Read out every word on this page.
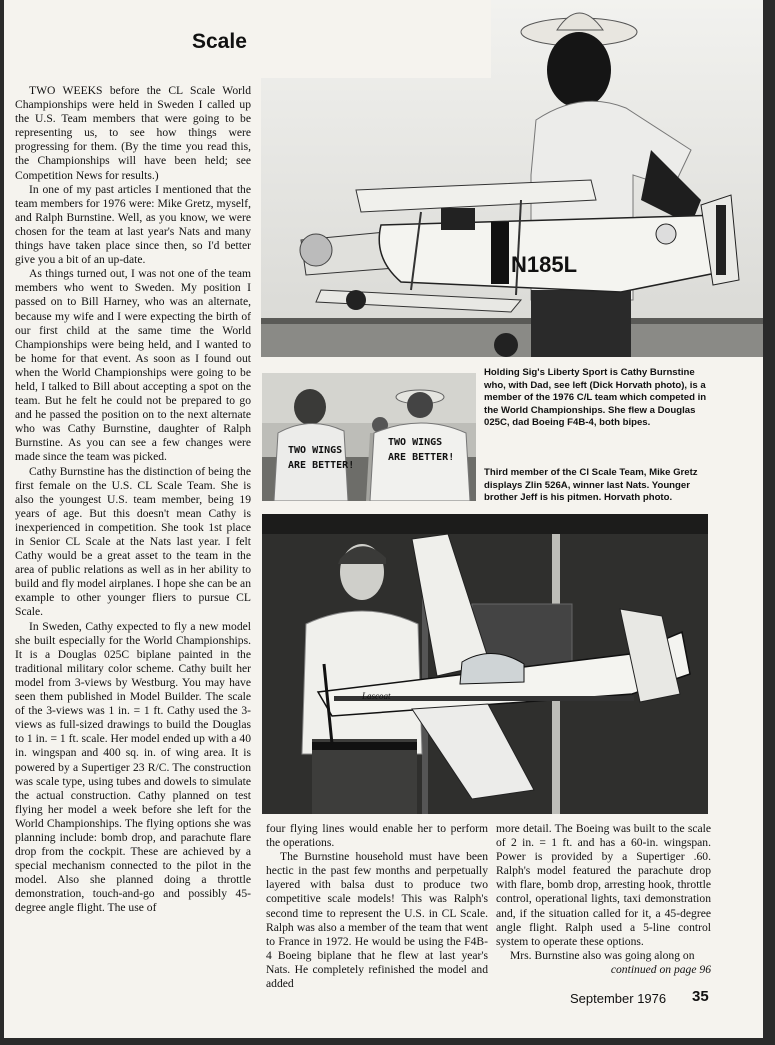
Scale
N185L
TWO WINGS
ARE BETTER!
TWO WINGS
ARE BETTER!
Lascoat
Holding Sig's Liberty Sport is Cathy Burnstine who, with Dad, see left (Dick Horvath photo), is a member of the 1976 C/L team which competed in the World Championships. She flew a Douglas 025C, dad Boeing F4B-4, both bipes.
Third member of the Cl Scale Team, Mike Gretz displays Zlin 526A, winner last Nats. Younger brother Jeff is his pitmen. Horvath photo.

TWO WEEKS before the CL Scale World Championships were held in Sweden I called up the U.S. Team members that were going to be representing us, to see how things were progressing for them. (By the time you read this, the Championships will have been held; see Competition News for results.)

In one of my past articles I mentioned that the team members for 1976 were: Mike Gretz, myself, and Ralph Burnstine. Well, as you know, we were chosen for the team at last year's Nats and many things have taken place since then, so I'd better give you a bit of an up-date.

As things turned out, I was not one of the team members who went to Sweden. My position I passed on to Bill Harney, who was an alternate, because my wife and I were expecting the birth of our first child at the same time the World Championships were being held, and I wanted to be home for that event. As soon as I found out when the World Championships were going to be held, I talked to Bill about accepting a spot on the team. But he felt he could not be prepared to go and he passed the position on to the next alternate who was Cathy Burnstine, daughter of Ralph Burnstine. As you can see a few changes were made since the team was picked.

Cathy Burnstine has the distinction of being the first female on the U.S. CL Scale Team. She is also the youngest U.S. team member, being 19 years of age. But this doesn't mean Cathy is inexperienced in competition. She took 1st place in Senior CL Scale at the Nats last year. I felt Cathy would be a great asset to the team in the area of public relations as well as in her ability to build and fly model airplanes. I hope she can be an example to other younger fliers to pursue CL Scale.

In Sweden, Cathy expected to fly a new model she built especially for the World Championships. It is a Douglas 025C biplane painted in the traditional military color scheme. Cathy built her model from 3-views by Westburg. You may have seen them published in Model Builder. The scale of the 3-views was 1 in. = 1 ft. Cathy used the 3-views as full-sized drawings to build the Douglas to 1 in. = 1 ft. scale. Her model ended up with a 40 in. wingspan and 400 sq. in. of wing area. It is powered by a Supertiger 23 R/C. The construction was scale type, using tubes and dowels to simulate the actual construction. Cathy planned on test flying her model a week before she left for the World Championships. The flying options she was planning include: bomb drop, and parachute flare drop from the cockpit. These are achieved by a special mechanism connected to the pilot in the model. Also she planned doing a throttle demonstration, touch-and-go and possibly 45-degree angle flight. The use of

four flying lines would enable her to perform the operations.

The Burnstine household must have been hectic in the past few months and perpetually layered with balsa dust to produce two competitive scale models! This was Ralph's second time to represent the U.S. in CL Scale. Ralph was also a member of the team that went to France in 1972. He would be using the F4B-4 Boeing biplane that he flew at last year's Nats. He completely refinished the model and added

more detail. The Boeing was built to the scale of 2 in. = 1 ft. and has a 60-in. wingspan. Power is provided by a Supertiger .60. Ralph's model featured the parachute drop with flare, bomb drop, arresting hook, throttle control, operational lights, taxi demonstration and, if the situation called for it, a 45-degree angle flight. Ralph used a 5-line control system to operate these options.

Mrs. Burnstine also was going along on

continued on page 96
September 1976 35
